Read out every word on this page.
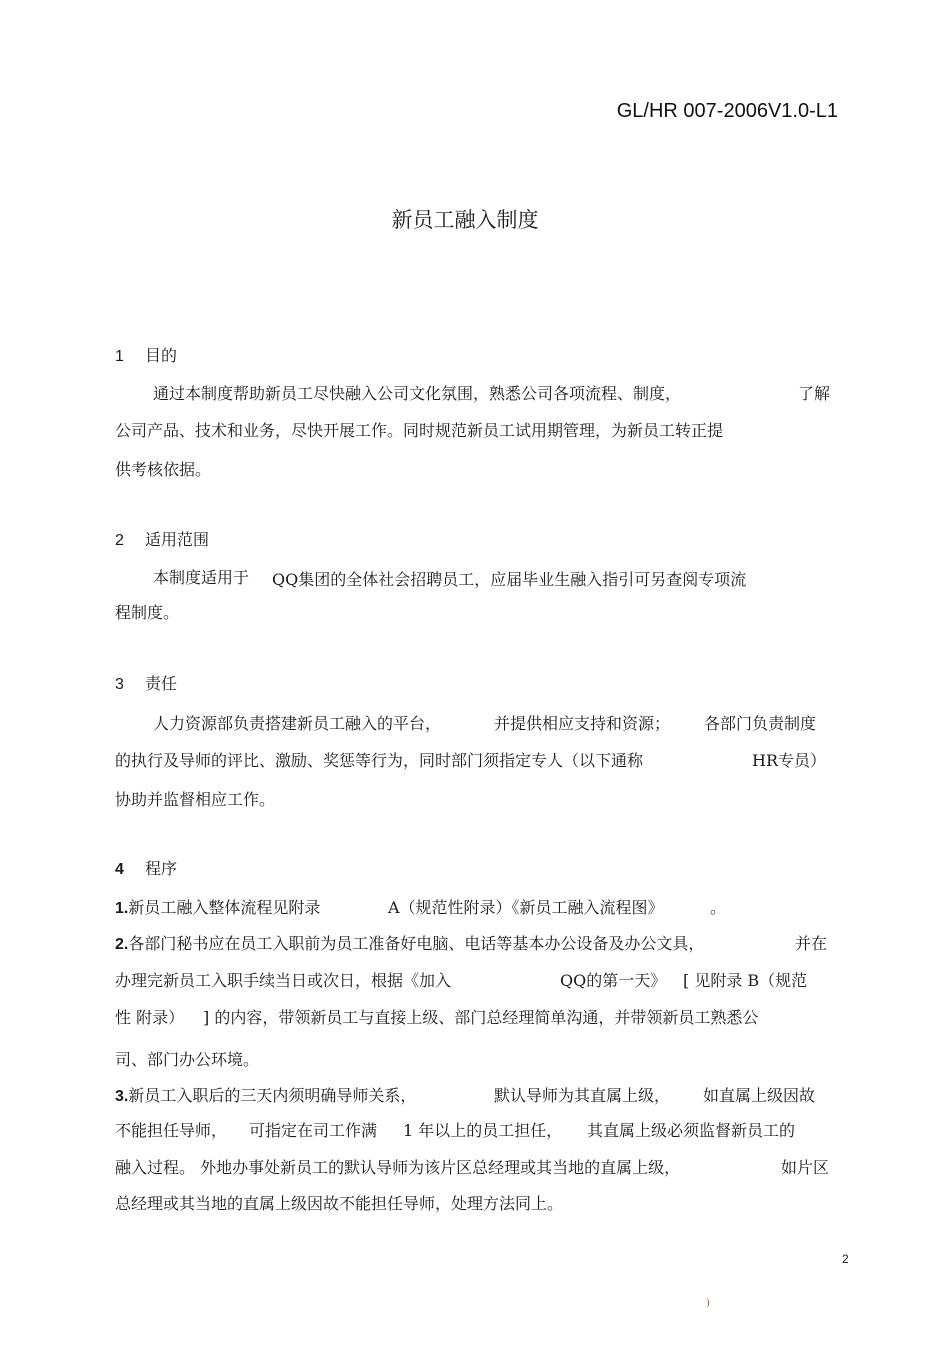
GL/HR 007-2006V1.0-L1
新员工融入制度
1 目的
通过本制度帮助新员工尽快融入公司文化氛围，熟悉公司各项流程、制度，	了解
公司产品、技术和业务，尽快开展工作。同时规范新员工试用期管理，为新员工转正提
供考核依据。
2 适用范围
本制度适用于 QQ集团的全体社会招聘员工，应届毕业生融入指引可另查阅专项流
程制度。
3 责任
人力资源部负责搭建新员工融入的平台，	并提供相应支持和资源； 各部门负责制度
的执行及导师的评比、激励、奖惩等行为，同时部门须指定专人（以下通称	HR专员）
协助并监督相应工作。
4 程序
1.新员工融入整体流程见附录	A（规范性附录）《新员工融入流程图》	。
2.各部门秘书应在员工入职前为员工准备好电脑、电话等基本办公设备及办公文具，	并在
办理完新员工入职手续当日或次日，根据《加入	QQ的第一天》 [ 见附录 B（规范
性 附录） ] 的内容，带领新员工与直接上级、部门总经理简单沟通，并带领新员工熟悉公
司、部门办公环境。
3.新员工入职后的三天内须明确导师关系，	默认导师为其直属上级， 如直属上级因故
不能担任导师， 可指定在司工作满 1 年以上的员工担任， 其直属上级必须监督新员工的
融入过程。 外地办事处新员工的默认导师为该片区总经理或其当地的直属上级，	如片区
总经理或其当地的直属上级因故不能担任导师，处理方法同上。
2
)
